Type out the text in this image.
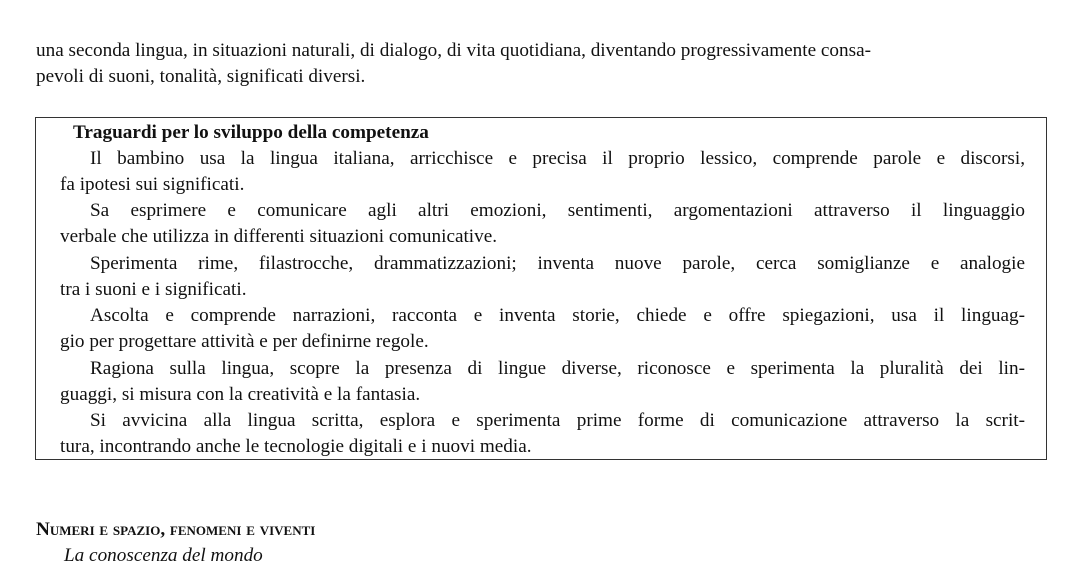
una seconda lingua, in situazioni naturali, di dialogo, di vita quotidiana, diventando progressivamente consa-
pevoli di suoni, tonalità, significati diversi.

Traguardi per lo sviluppo della competenza

Il bambino usa la lingua italiana, arricchisce e precisa il proprio lessico, comprende parole e discorsi,
fa ipotesi sui significati.

Sa esprimere e comunicare agli altri emozioni, sentimenti, argomentazioni attraverso il linguaggio
verbale che utilizza in differenti situazioni comunicative.

Sperimenta rime, filastrocche, drammatizzazioni; inventa nuove parole, cerca somiglianze e analogie
tra i suoni e i significati.

Ascolta e comprende narrazioni, racconta e inventa storie, chiede e offre spiegazioni, usa il linguag-
gio per progettare attività e per definirne regole.

Ragiona sulla lingua, scopre la presenza di lingue diverse, riconosce e sperimenta la pluralità dei lin-
guaggi, si misura con la creatività e la fantasia.

Si avvicina alla lingua scritta, esplora e sperimenta prime forme di comunicazione attraverso la scrit-
tura, incontrando anche le tecnologie digitali e i nuovi media.

Numeri e spazio, fenomeni e viventi

La conoscenza del mondo
